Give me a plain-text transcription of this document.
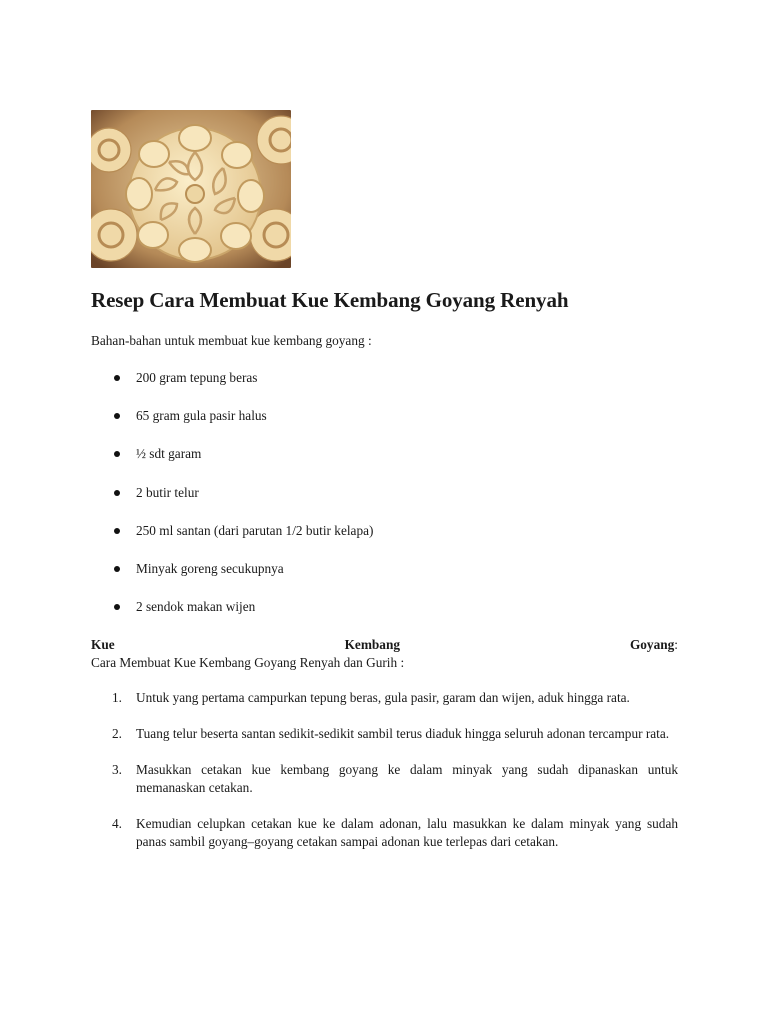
Resep Cara Membuat Kue Kembang Goyang Renyah

Bahan-bahan untuk membuat kue kembang goyang :

200 gram tepung beras
65 gram gula pasir halus
½ sdt garam
2 butir telur
250 ml santan (dari parutan 1/2 butir kelapa)
Minyak goreng secukupnya
2 sendok makan wijen
Kue	Kembang	Goyang:

Cara Membuat Kue Kembang Goyang Renyah dan Gurih :

1. Untuk yang pertama campurkan tepung beras, gula pasir, garam dan wijen, aduk hingga rata.
2. Tuang telur beserta santan sedikit-sedikit sambil terus diaduk hingga seluruh adonan tercampur rata.
3. Masukkan cetakan kue kembang goyang ke dalam minyak yang sudah dipanaskan untuk memanaskan cetakan.
4. Kemudian celupkan cetakan kue ke dalam adonan, lalu masukkan ke dalam minyak yang sudah panas sambil goyang–goyang cetakan sampai adonan kue terlepas dari cetakan.
